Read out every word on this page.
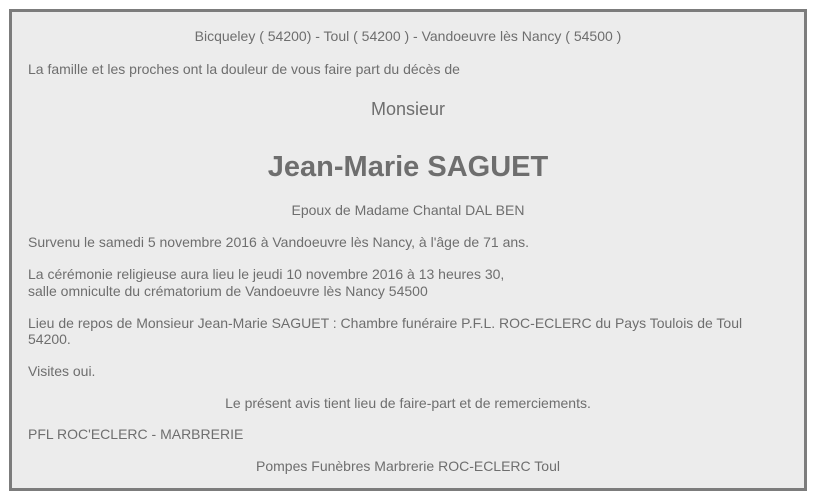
Bicqueley ( 54200) - Toul ( 54200 ) - Vandoeuvre lès Nancy ( 54500 )
La famille et les proches ont la douleur de vous faire part du décès de
Monsieur
Jean-Marie SAGUET
Epoux de Madame Chantal DAL BEN
Survenu le samedi 5 novembre 2016 à Vandoeuvre lès Nancy, à l'âge de 71 ans.
La cérémonie religieuse aura lieu le jeudi 10 novembre 2016 à 13 heures 30,
salle omniculte du crématorium de Vandoeuvre lès Nancy 54500
Lieu de repos de Monsieur Jean-Marie SAGUET : Chambre funéraire P.F.L. ROC-ECLERC du Pays Toulois de Toul
54200.
Visites oui.
Le présent avis tient lieu de faire-part et de remerciements.
PFL ROC'ECLERC - MARBRERIE
Pompes Funèbres Marbrerie ROC-ECLERC Toul
